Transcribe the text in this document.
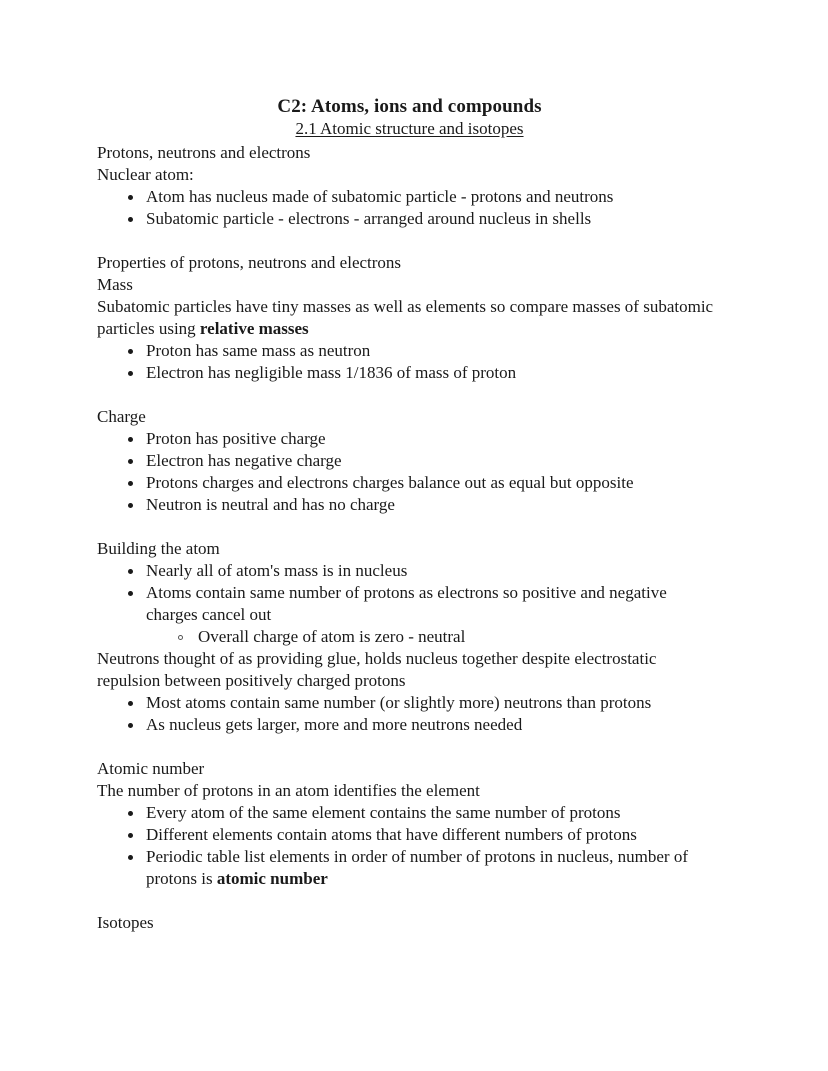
C2: Atoms, ions and compounds
2.1 Atomic structure and isotopes
Protons, neutrons and electrons
Nuclear atom:
Atom has nucleus made of subatomic particle - protons and neutrons
Subatomic particle - electrons - arranged around nucleus in shells
Properties of protons, neutrons and electrons
Mass
Subatomic particles have tiny masses as well as elements so compare masses of subatomic particles using relative masses
Proton has same mass as neutron
Electron has negligible mass 1/1836 of mass of proton
Charge
Proton has positive charge
Electron has negative charge
Protons charges and electrons charges balance out as equal but opposite
Neutron is neutral and has no charge
Building the atom
Nearly all of atom's mass is in nucleus
Atoms contain same number of protons as electrons so positive and negative charges cancel out
Overall charge of atom is zero - neutral
Neutrons thought of as providing glue, holds nucleus together despite electrostatic repulsion between positively charged protons
Most atoms contain same number (or slightly more) neutrons than protons
As nucleus gets larger, more and more neutrons needed
Atomic number
The number of protons in an atom identifies the element
Every atom of the same element contains the same number of protons
Different elements contain atoms that have different numbers of protons
Periodic table list elements in order of number of protons in nucleus, number of protons is atomic number
Isotopes
